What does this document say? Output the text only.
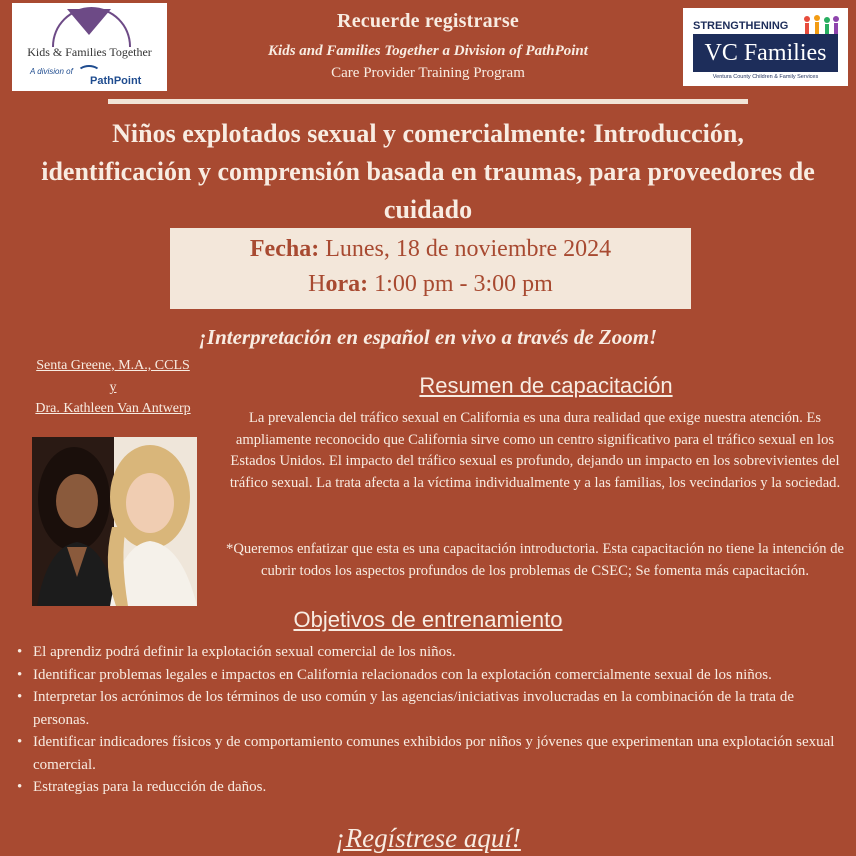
Kids & Families Together
A division of
PathPoint
STRENGTHENING
VC Families
Ventura County Children & Family Services
Recuerde registrarse
Kids and Families Together a Division of PathPoint
Care Provider Training Program
Niños explotados sexual y comercialmente: Introducción, identificación y comprensión basada en traumas, para proveedores de cuidado
Fecha: Lunes, 18 de noviembre 2024
Hora: 1:00 pm - 3:00 pm
¡Interpretación en español en vivo a través de Zoom!
Senta Greene, M.A., CCLS
y
Dra. Kathleen Van Antwerp
Resumen de capacitación
La prevalencia del tráfico sexual en California es una dura realidad que exige nuestra atención. Es ampliamente reconocido que California sirve como un centro significativo para el tráfico sexual en los Estados Unidos. El impacto del tráfico sexual es profundo, dejando un impacto en los sobrevivientes del tráfico sexual. La trata afecta a la víctima individualmente y a las familias, los vecindarios y la sociedad.
*Queremos enfatizar que esta es una capacitación introductoria. Esta capacitación no tiene la intención de cubrir todos los aspectos profundos de los problemas de CSEC; Se fomenta más capacitación.
Objetivos de entrenamiento
• El aprendiz podrá definir la explotación sexual comercial de los niños.
• Identificar problemas legales e impactos en California relacionados con la explotación comercialmente sexual de los niños.
• Interpretar los acrónimos de los términos de uso común y las agencias/iniciativas involucradas en la combinación de la trata de personas.
• Identificar indicadores físicos y de comportamiento comunes exhibidos por niños y jóvenes que experimentan una explotación sexual comercial.
• Estrategias para la reducción de daños.
¡Regístrese aquí!
